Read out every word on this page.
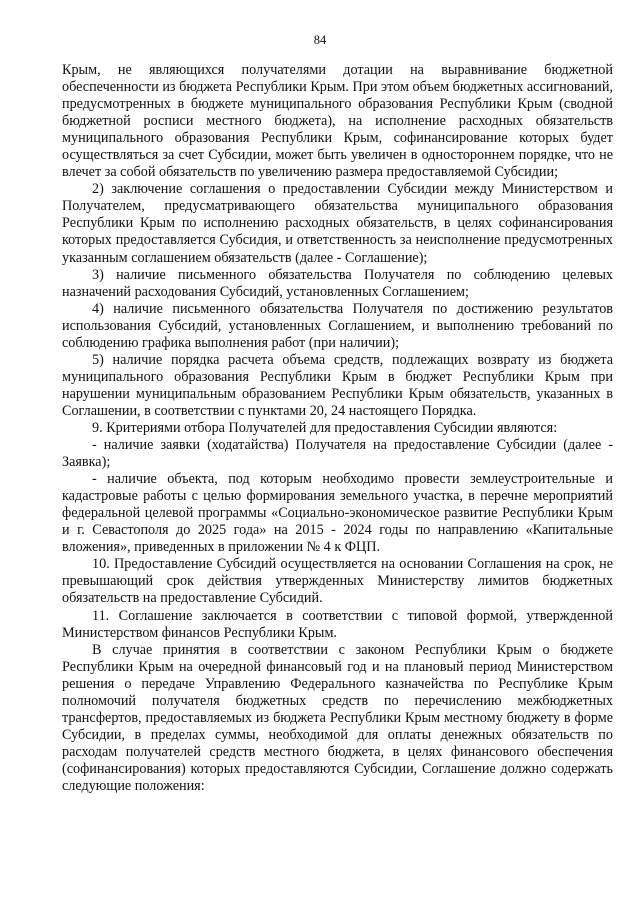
84

Крым, не являющихся получателями дотации на выравнивание бюджетной обеспеченности из бюджета Республики Крым. При этом объем бюджетных ассигнований, предусмотренных в бюджете муниципального образования Республики Крым (сводной бюджетной росписи местного бюджета), на исполнение расходных обязательств муниципального образования Республики Крым, софинансирование которых будет осуществляться за счет Субсидии, может быть увеличен в одностороннем порядке, что не влечет за собой обязательств по увеличению размера предоставляемой Субсидии;

2) заключение соглашения о предоставлении Субсидии между Министерством и Получателем, предусматривающего обязательства муниципального образования Республики Крым по исполнению расходных обязательств, в целях софинансирования которых предоставляется Субсидия, и ответственность за неисполнение предусмотренных указанным соглашением обязательств (далее - Соглашение);

3) наличие письменного обязательства Получателя по соблюдению целевых назначений расходования Субсидий, установленных Соглашением;

4) наличие письменного обязательства Получателя по достижению результатов использования Субсидий, установленных Соглашением, и выполнению требований по соблюдению графика выполнения работ (при наличии);

5) наличие порядка расчета объема средств, подлежащих возврату из бюджета муниципального образования Республики Крым в бюджет Республики Крым при нарушении муниципальным образованием Республики Крым обязательств, указанных в Соглашении, в соответствии с пунктами 20, 24 настоящего Порядка.

9. Критериями отбора Получателей для предоставления Субсидии являются:

- наличие заявки (ходатайства) Получателя на предоставление Субсидии (далее - Заявка);

- наличие объекта, под которым необходимо провести землеустроительные и кадастровые работы с целью формирования земельного участка, в перечне мероприятий федеральной целевой программы «Социально-экономическое развитие Республики Крым и г. Севастополя до 2025 года» на 2015 - 2024 годы по направлению «Капитальные вложения», приведенных в приложении № 4 к ФЦП.

10. Предоставление Субсидий осуществляется на основании Соглашения на срок, не превышающий срок действия утвержденных Министерству лимитов бюджетных обязательств на предоставление Субсидий.

11. Соглашение заключается в соответствии с типовой формой, утвержденной Министерством финансов Республики Крым.

В случае принятия в соответствии с законом Республики Крым о бюджете Республики Крым на очередной финансовый год и на плановый период Министерством решения о передаче Управлению Федерального казначейства по Республике Крым полномочий получателя бюджетных средств по перечислению межбюджетных трансфертов, предоставляемых из бюджета Республики Крым местному бюджету в форме Субсидии, в пределах суммы, необходимой для оплаты денежных обязательств по расходам получателей средств местного бюджета, в целях финансового обеспечения (софинансирования) которых предоставляются Субсидии, Соглашение должно содержать следующие положения:
